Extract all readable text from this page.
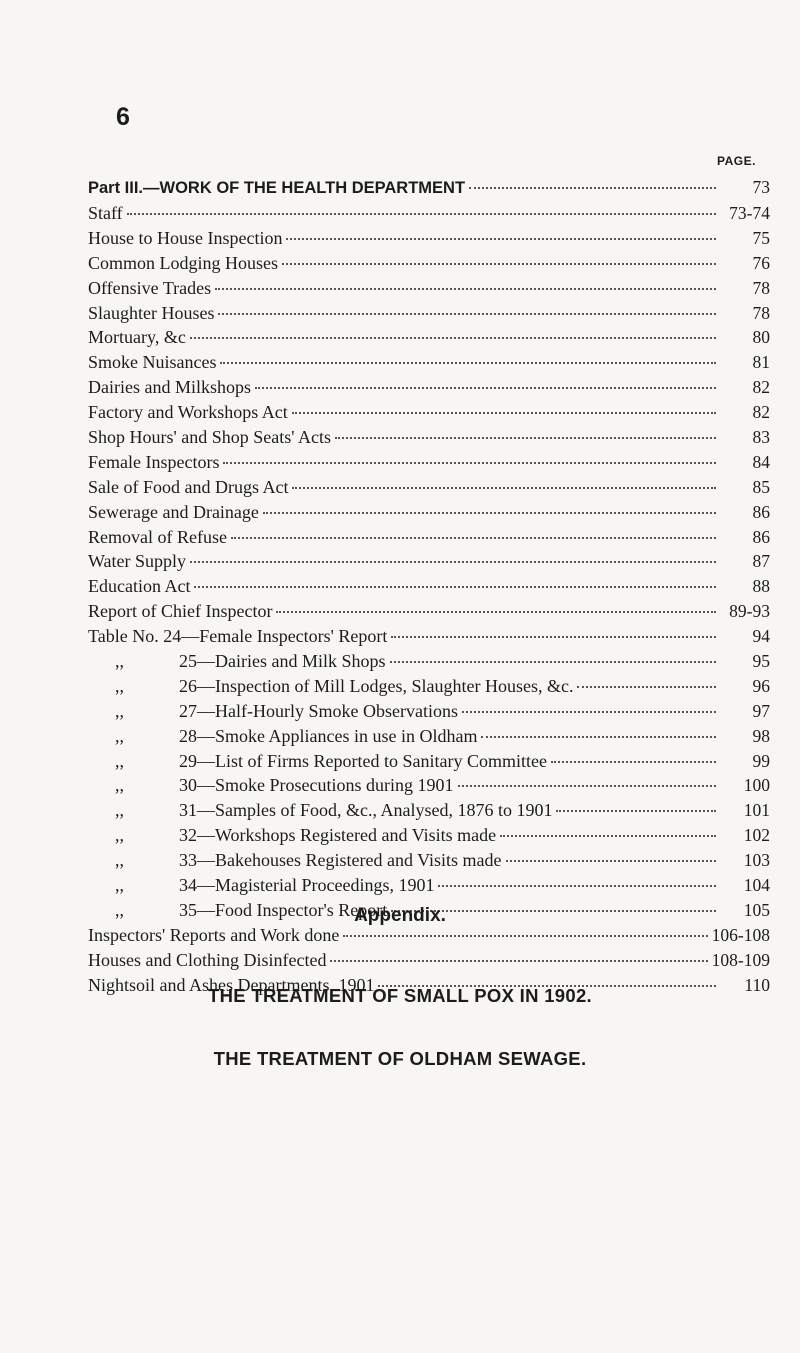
6
PAGE.
Part III.—WORK OF THE HEALTH DEPARTMENT	73
Staff	73-74
House to House Inspection	75
Common Lodging Houses	76
Offensive Trades	78
Slaughter Houses	78
Mortuary, &c	80
Smoke Nuisances	81
Dairies and Milkshops	82
Factory and Workshops Act	82
Shop Hours' and Shop Seats' Acts	83
Female Inspectors	84
Sale of Food and Drugs Act	85
Sewerage and Drainage	86
Removal of Refuse	86
Water Supply	87
Education Act	88
Report of Chief Inspector	89-93
Table No. 24—Female Inspectors' Report	94
,,	25—Dairies and Milk Shops	95
,,	26—Inspection of Mill Lodges, Slaughter Houses, &c.	96
,,	27—Half-Hourly Smoke Observations	97
,,	28—Smoke Appliances in use in Oldham	98
,,	29—List of Firms Reported to Sanitary Committee	99
,,	30—Smoke Prosecutions during 1901	100
,,	31—Samples of Food, &c., Analysed, 1876 to 1901	101
,,	32—Workshops Registered and Visits made	102
,,	33—Bakehouses Registered and Visits made	103
,,	34—Magisterial Proceedings, 1901	104
,,	35—Food Inspector's Report	105
Inspectors' Reports and Work done	106-108
Houses and Clothing Disinfected	108-109
Nightsoil and Ashes Departments, 1901	110
Appendix.
THE TREATMENT OF SMALL POX IN 1902.
THE TREATMENT OF OLDHAM SEWAGE.
